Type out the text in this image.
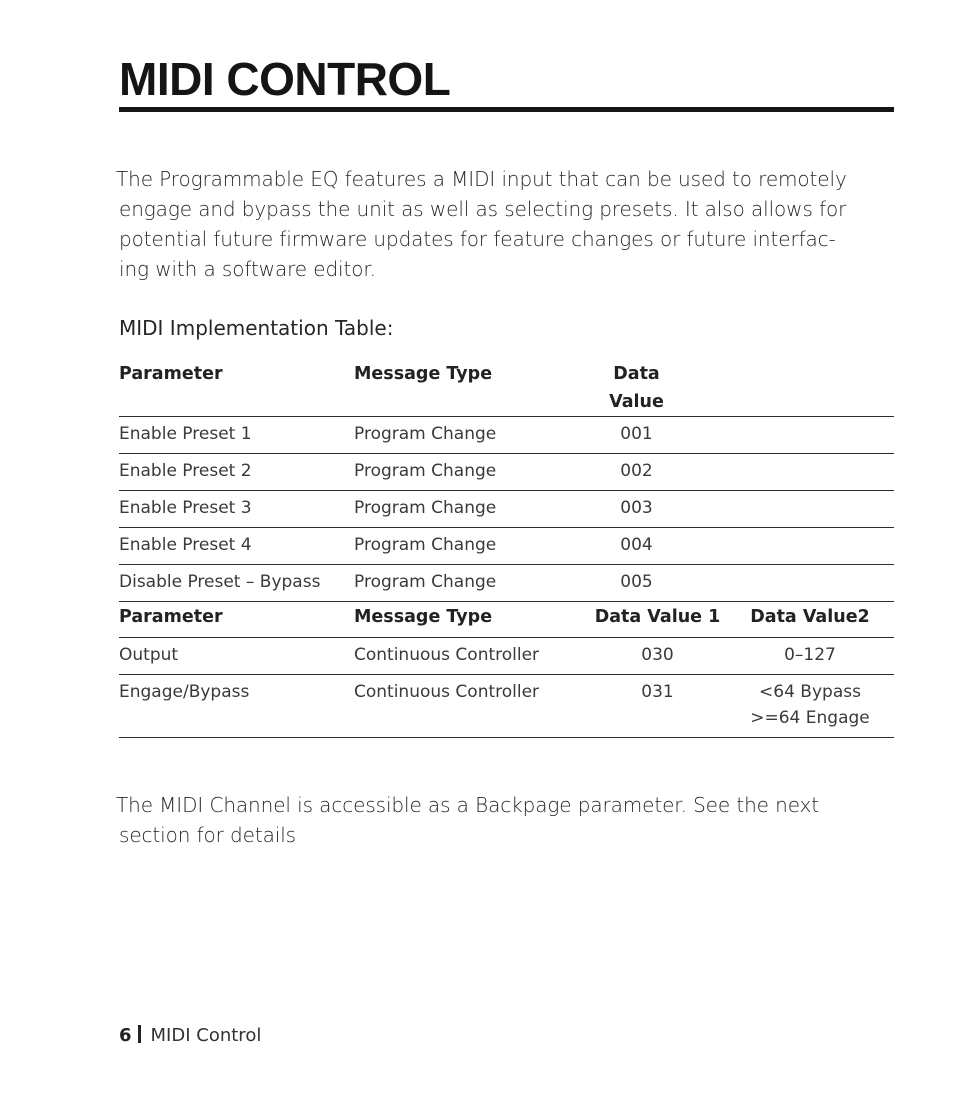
MIDI CONTROL

The Programmable EQ features a MIDI input that can be used to remotely
engage and bypass the unit as well as selecting presets. It also allows for
potential future firmware updates for feature changes or future interfac-
ing with a software editor.

MIDI Implementation Table:

Parameter	Message Type	Data Value
Enable Preset 1	Program Change	001
Enable Preset 2	Program Change	002
Enable Preset 3	Program Change	003
Enable Preset 4	Program Change	004
Disable Preset – Bypass	Program Change	005
Parameter	Message Type	Data Value 1	Data Value2
Output	Continuous Controller	030	0–127

Engage/Bypass	Continuous Controller	031	<64 Bypass
>=64 Engage

The MIDI Channel is accessible as a Backpage parameter. See the next
section for details

6 MIDI Control
